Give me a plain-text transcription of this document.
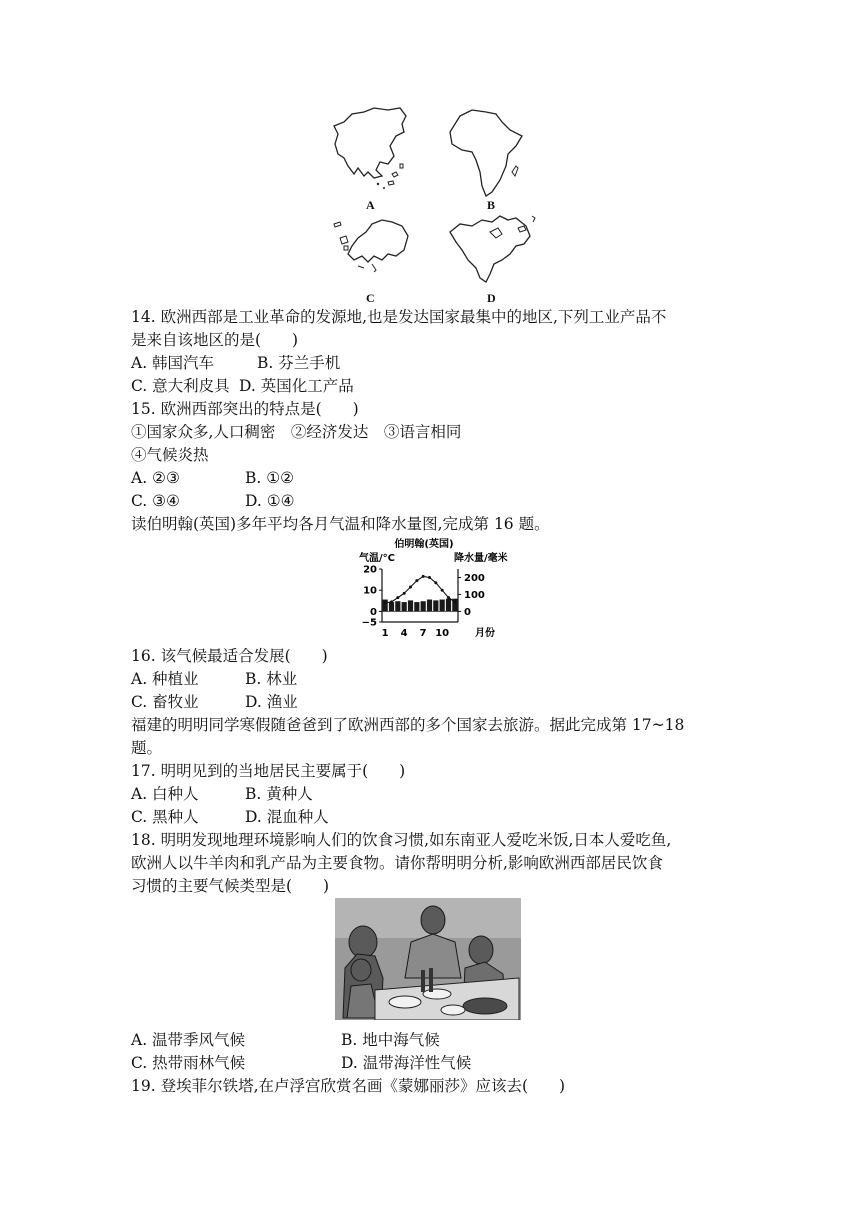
A	B
C	D
14. 欧洲西部是工业革命的发源地,也是发达国家最集中的地区,下列工业产品不
是来自该地区的是(　　)
A. 韩国汽车	B. 芬兰手机
C. 意大利皮具 D. 英国化工产品
15. 欧洲西部突出的特点是(　　)
①国家众多,人口稠密　②经济发达　③语言相同
④气候炎热
A. ②③	B. ①②
C. ③④	D. ①④
读伯明翰(英国)多年平均各月气温和降水量图,完成第 16 题。
伯明翰(英国)
气温/°C	降水量/毫米
月份
20
10
0
−5
200
100
0
1 4 7 10
16. 该气候最适合发展(　　)
A. 种植业	B. 林业
C. 畜牧业	D. 渔业
福建的明明同学寒假随爸爸到了欧洲西部的多个国家去旅游。据此完成第 17~18
题。
17. 明明见到的当地居民主要属于(　　)
A. 白种人	B. 黄种人
C. 黑种人	D. 混血种人
18. 明明发现地理环境影响人们的饮食习惯,如东南亚人爱吃米饭,日本人爱吃鱼,
欧洲人以牛羊肉和乳产品为主要食物。请你帮明明分析,影响欧洲西部居民饮食
习惯的主要气候类型是(　　)
A. 温带季风气候	B. 地中海气候
C. 热带雨林气候	D. 温带海洋性气候
19. 登埃菲尔铁塔,在卢浮宫欣赏名画《蒙娜丽莎》应该去(　　)
